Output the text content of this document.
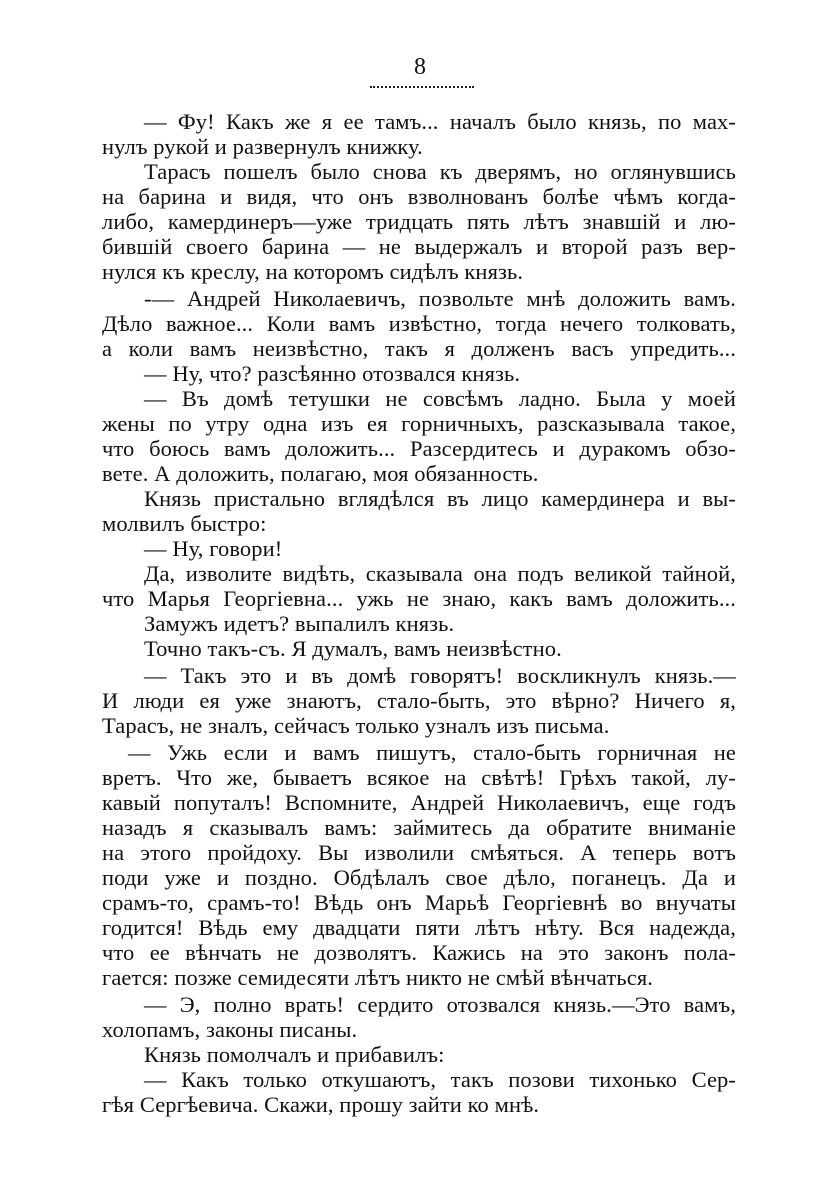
8
— Фу! Какъ же я ее тамъ... началъ было князь, по мах-
нулъ рукой и развернулъ книжку.
Тарасъ пошелъ было снова къ дверямъ, но оглянувшись
на барина и видя, что онъ взволнованъ болѣе чѣмъ когда-
либо, камердинеръ—уже тридцать пять лѣтъ знавшiй и лю-
бившiй своего барина — не выдержалъ и второй разъ вер-
нулся къ креслу, на которомъ сидѣлъ князь.
-— Андрей Николаевичъ, позвольте мнѣ доложить вамъ.
Дѣло важное... Коли вамъ извѣстно, тогда нечего толковать,
а коли вамъ неизвѣстно, такъ я долженъ васъ упредить...
— Ну, что? разсѣянно отозвался князь.
— Въ домѣ тетушки не совсѣмъ ладно. Была у моей
жены по утру одна изъ ея горничныхъ, разсказывала такое,
что боюсь вамъ доложить... Разсердитесь и дуракомъ обзо-
вете. А доложить, полагаю, моя обязанность.
Князь пристально вглядѣлся въ лицо камердинера и вы-
молвилъ быстро:
— Ну, говори!
Да, изволите видѣть, сказывала она подъ великой тайной,
что Марья Георгiевна... ужь не знаю, какъ вамъ доложить...
Замужъ идетъ? выпалилъ князь.
Точно такъ-съ. Я думалъ, вамъ неизвѣстно.
— Такъ это и въ домѣ говорятъ! воскликнулъ князь.—
И люди ея уже знаютъ, стало-быть, это вѣрно? Ничего я,
Тарасъ, не зналъ, сейчасъ только узналъ изъ письма.
— Ужь если и вамъ пишутъ, стало-быть горничная не
вретъ. Что же, бываетъ всякое на свѣтѣ! Грѣхъ такой, лу-
кавый попуталъ! Вспомните, Андрей Николаевичъ, еще годъ
назадъ я сказывалъ вамъ: займитесь да обратите вниманiе
на этого пройдоху. Вы изволили смѣяться. А теперь вотъ
поди уже и поздно. Обдѣлалъ свое дѣло, поганецъ. Да и
срамъ-то, срамъ-то! Вѣдь онъ Марьѣ Георгiевнѣ во внучаты
годится! Вѣдь ему двадцати пяти лѣтъ нѣту. Вся надежда,
что ее вѣнчать не дозволятъ. Кажись на это законъ пола-
гается: позже семидесяти лѣтъ никто не смѣй вѣнчаться.
— Э, полно врать! сердито отозвался князь.—Это вамъ,
холопамъ, законы писаны.
Князь помолчалъ и прибавилъ:
— Какъ только откушаютъ, такъ позови тихонько Сер-
гѣя Сергѣевича. Скажи, прошу зайти ко мнѣ.
